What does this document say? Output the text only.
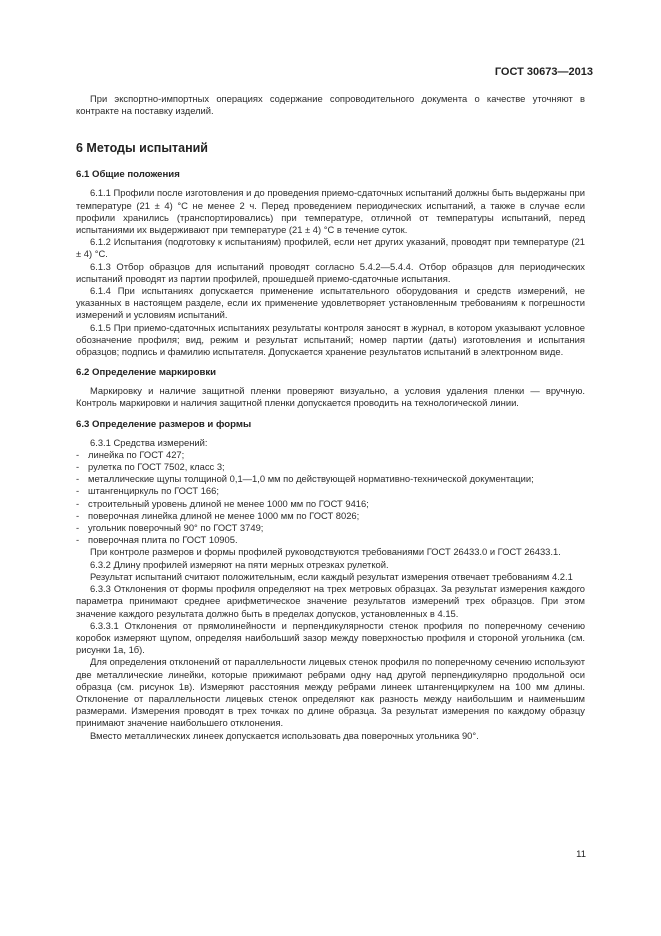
ГОСТ 30673—2013

При экспортно-импортных операциях содержание сопроводительного документа о качестве уточняют в контракте на поставку изделий.

6 Методы испытаний
6.1 Общие положения

6.1.1 Профили после изготовления и до проведения приемо-сдаточных испытаний должны быть выдержаны при температуре (21 ± 4) °С не менее 2 ч. Перед проведением периодических испытаний, а также в случае если профили хранились (транспортировались) при температуре, отличной от температуры испытаний, перед испытаниями их выдерживают при температуре (21 ± 4) °С в течение суток.

6.1.2 Испытания (подготовку к испытаниям) профилей, если нет других указаний, проводят при температуре (21 ± 4) °С.

6.1.3 Отбор образцов для испытаний проводят согласно 5.4.2—5.4.4. Отбор образцов для периодических испытаний проводят из партии профилей, прошедшей приемо-сдаточные испытания.

6.1.4 При испытаниях допускается применение испытательного оборудования и средств измерений, не указанных в настоящем разделе, если их применение удовлетворяет установленным требованиям к погрешности измерений и условиям испытаний.

6.1.5 При приемо-сдаточных испытаниях результаты контроля заносят в журнал, в котором указывают условное обозначение профиля; вид, режим и результат испытаний; номер партии (даты) изготовления и испытания образцов; подпись и фамилию испытателя. Допускается хранение результатов испытаний в электронном виде.

6.2 Определение маркировки

Маркировку и наличие защитной пленки проверяют визуально, а условия удаления пленки — вручную. Контроль маркировки и наличия защитной пленки допускается проводить на технологической линии.

6.3 Определение размеров и формы

6.3.1 Средства измерений:

- линейка по ГОСТ 427;

- рулетка по ГОСТ 7502, класс 3;

- металлические щупы толщиной 0,1—1,0 мм по действующей нормативно-технической документации;

- штангенциркуль по ГОСТ 166;

- строительный уровень длиной не менее 1000 мм по ГОСТ 9416;

- поверочная линейка длиной не менее 1000 мм по ГОСТ 8026;

- угольник поверочный 90° по ГОСТ 3749;

- поверочная плита по ГОСТ 10905.

При контроле размеров и формы профилей руководствуются требованиями ГОСТ 26433.0 и ГОСТ 26433.1.

6.3.2 Длину профилей измеряют на пяти мерных отрезках рулеткой.

Результат испытаний считают положительным, если каждый результат измерения отвечает требованиям 4.2.1

6.3.3 Отклонения от формы профиля определяют на трех метровых образцах. За результат измерения каждого параметра принимают среднее арифметическое значение результатов измерений трех образцов. При этом значение каждого результата должно быть в пределах допусков, установленных в 4.15.

6.3.3.1 Отклонения от прямолинейности и перпендикулярности стенок профиля по поперечному сечению коробок измеряют щупом, определяя наибольший зазор между поверхностью профиля и стороной угольника (см. рисунки 1а, 1б).

Для определения отклонений от параллельности лицевых стенок профиля по поперечному сечению используют две металлические линейки, которые прижимают ребрами одну над другой перпендикулярно продольной оси образца (см. рисунок 1в). Измеряют расстояния между ребрами линеек штангенциркулем на 100 мм длины. Отклонение от параллельности лицевых стенок определяют как разность между наибольшим и наименьшим размерами. Измерения проводят в трех точках по длине образца. За результат измерения по каждому образцу принимают значение наибольшего отклонения.

Вместо металлических линеек допускается использовать два поверочных угольника 90°.

11
